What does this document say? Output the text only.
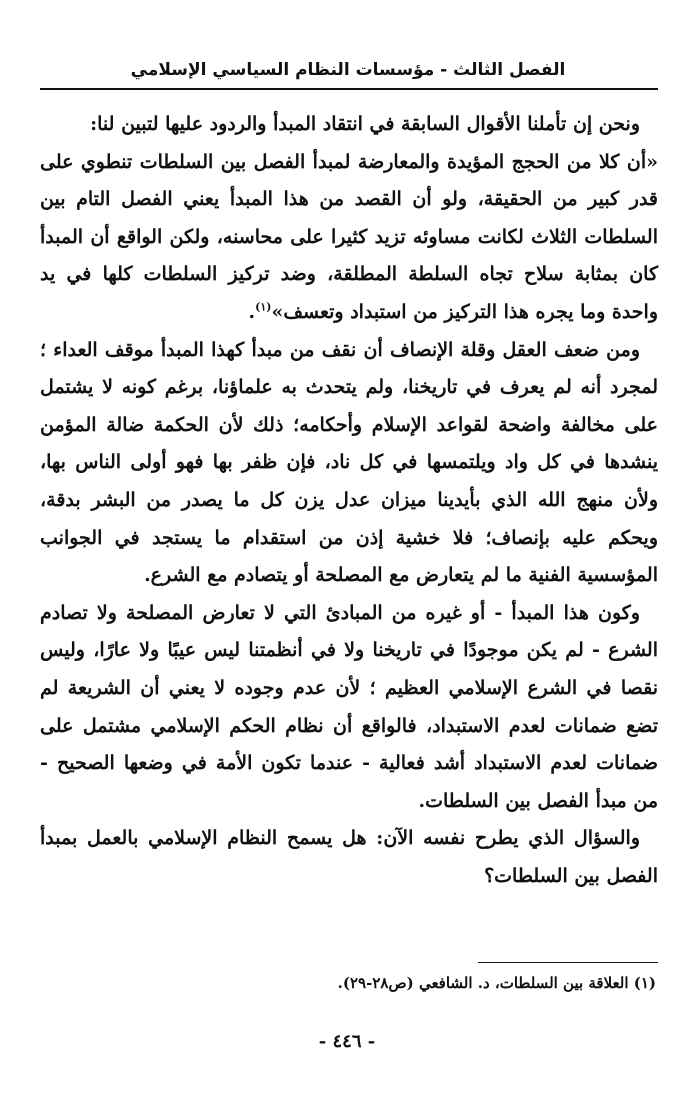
الفصل الثالث - مؤسسات النظام السياسي الإسلامي

ونحن إن تأملنا الأقوال السابقة في انتقاد المبدأ والردود عليها لتبين لنا:

«أن كلا من الحجج المؤيدة والمعارضة لمبدأ الفصل بين السلطات تنطوي على قدر كبير من الحقيقة، ولو أن القصد من هذا المبدأ يعني الفصل التام بين السلطات الثلاث لكانت مساوئه تزيد كثيرا على محاسنه، ولكن الواقع أن المبدأ كان بمثابة سلاح تجاه السلطة المطلقة، وضد تركيز السلطات كلها في يد واحدة وما يجره هذا التركيز من استبداد وتعسف»$^{(١)}$.

ومن ضعف العقل وقلة الإنصاف أن نقف من مبدأ كهذا المبدأ موقف العداء ؛ لمجرد أنه لم يعرف في تاريخنا، ولم يتحدث به علماؤنا، برغم كونه لا يشتمل على مخالفة واضحة لقواعد الإسلام وأحكامه؛ ذلك لأن الحكمة ضالة المؤمن ينشدها في كل واد ويلتمسها في كل ناد، فإن ظفر بها فهو أولى الناس بها، ولأن منهج الله الذي بأيدينا ميزان عدل يزن كل ما يصدر من البشر بدقة، ويحكم عليه بإنصاف؛ فلا خشية إذن من استقدام ما يستجد في الجوانب المؤسسية الفنية ما لم يتعارض مع المصلحة أو يتصادم مع الشرع.

وكون هذا المبدأ - أو غيره من المبادئ التي لا تعارض المصلحة ولا تصادم الشرع - لم يكن موجودًا في تاريخنا ولا في أنظمتنا ليس عيبًا ولا عارًا، وليس نقصا في الشرع الإسلامي العظيم ؛ لأن عدم وجوده لا يعني أن الشريعة لم تضع ضمانات لعدم الاستبداد، فالواقع أن نظام الحكم الإسلامي مشتمل على ضمانات لعدم الاستبداد أشد فعالية - عندما تكون الأمة في وضعها الصحيح - من مبدأ الفصل بين السلطات.

والسؤال الذي يطرح نفسه الآن: هل يسمح النظام الإسلامي بالعمل بمبدأ الفصل بين السلطات؟

(١) العلاقة بين السلطات، د. الشافعي (ص٢٨-٢٩).
- ٤٤٦ -
